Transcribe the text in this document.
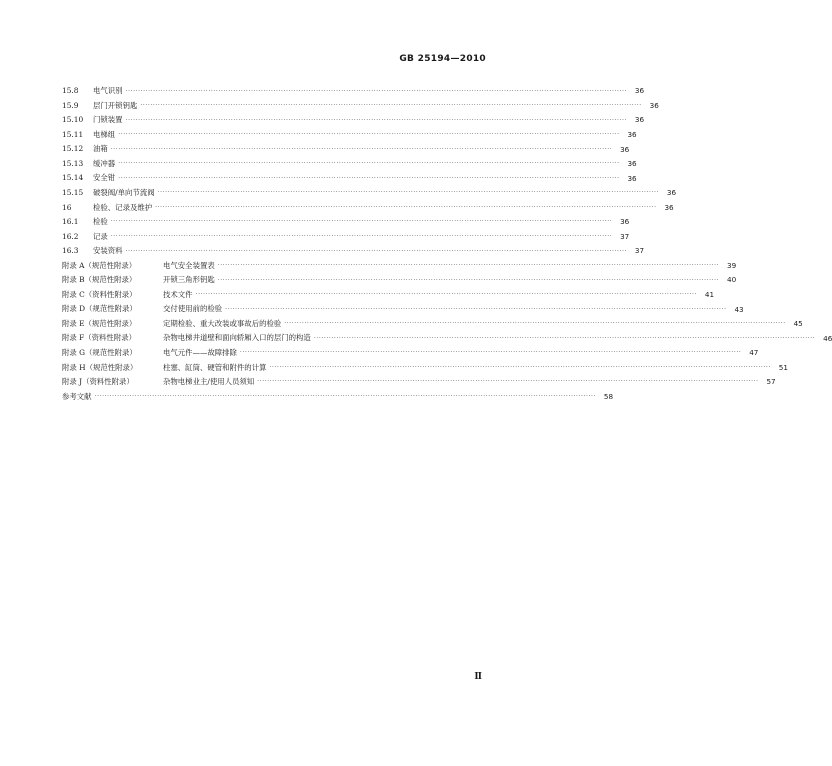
GB 25194—2010
15.8	电气识别 ········································································································································································································	36
15.9	层门开锁钥匙 ········································································································································································································	36
15.10	门锁装置 ········································································································································································································	36
15.11	电梯组 ········································································································································································································	36
15.12	油箱 ········································································································································································································	36
15.13	缓冲器 ········································································································································································································	36
15.14	安全钳 ········································································································································································································	36
15.15	破裂阀/单向节流阀 ········································································································································································································	36
16	检验、记录及维护 ········································································································································································································	36
16.1	检验 ········································································································································································································	36
16.2	记录 ········································································································································································································	37
16.3	安装资料 ········································································································································································································	37
附录 A（规范性附录）	电气安全装置表 ········································································································································································································	39
附录 B（规范性附录）	开锁三角形钥匙 ········································································································································································································	40
附录 C（资料性附录）	技术文件 ········································································································································································································	41
附录 D（规范性附录）	交付使用前的检验 ········································································································································································································	43
附录 E（规范性附录）	定期检验、重大改装或事故后的检验 ········································································································································································································	45
附录 F（资料性附录）	杂物电梯井道壁和面向轿厢入口的层门的构造 ········································································································································································································	46
附录 G（规范性附录）	电气元件——故障排除 ········································································································································································································	47
附录 H（规范性附录）	柱塞、缸筒、硬管和附件的计算 ········································································································································································································	51
附录 J（资料性附录）	杂物电梯业主/使用人员须知 ········································································································································································································	57
参考文献 ········································································································································································································	58
Ⅱ
